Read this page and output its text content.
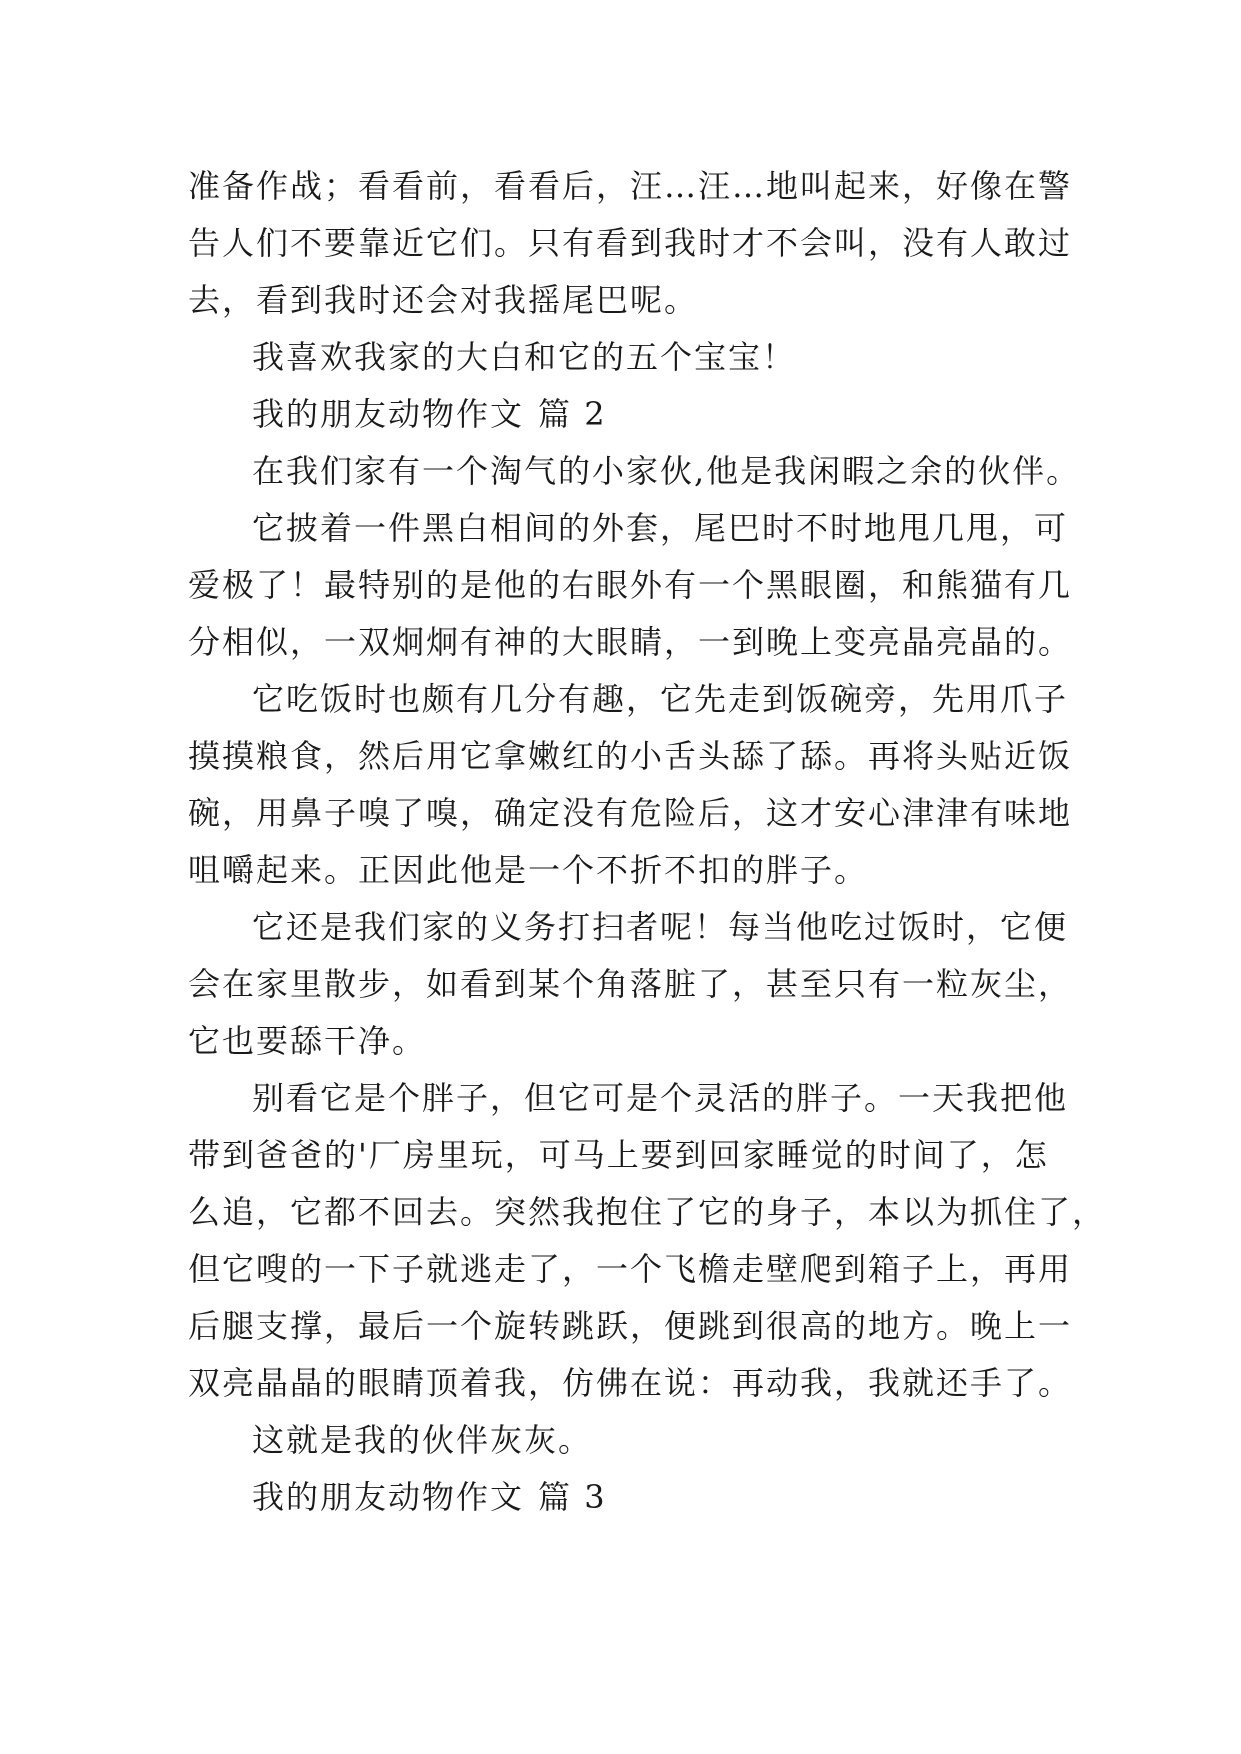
准备作战；看看前，看看后，汪…汪…地叫起来，好像在警
告人们不要靠近它们。只有看到我时才不会叫，没有人敢过
去，看到我时还会对我摇尾巴呢。
我喜欢我家的大白和它的五个宝宝！
我的朋友动物作文 篇 2
在我们家有一个淘气的小家伙,他是我闲暇之余的伙伴。
它披着一件黑白相间的外套，尾巴时不时地甩几甩，可
爱极了！最特别的是他的右眼外有一个黑眼圈，和熊猫有几
分相似，一双炯炯有神的大眼睛，一到晚上变亮晶亮晶的。
它吃饭时也颇有几分有趣，它先走到饭碗旁，先用爪子
摸摸粮食，然后用它拿嫩红的小舌头舔了舔。再将头贴近饭
碗，用鼻子嗅了嗅，确定没有危险后，这才安心津津有味地
咀嚼起来。正因此他是一个不折不扣的胖子。
它还是我们家的义务打扫者呢！每当他吃过饭时，它便
会在家里散步，如看到某个角落脏了，甚至只有一粒灰尘，
它也要舔干净。
别看它是个胖子，但它可是个灵活的胖子。一天我把他
带到爸爸的'厂房里玩，可马上要到回家睡觉的时间了，怎
么追，它都不回去。突然我抱住了它的身子，本以为抓住了，
但它嗖的一下子就逃走了，一个飞檐走壁爬到箱子上，再用
后腿支撑，最后一个旋转跳跃，便跳到很高的地方。晚上一
双亮晶晶的眼睛顶着我，仿佛在说：再动我，我就还手了。
这就是我的伙伴灰灰。
我的朋友动物作文 篇 3
